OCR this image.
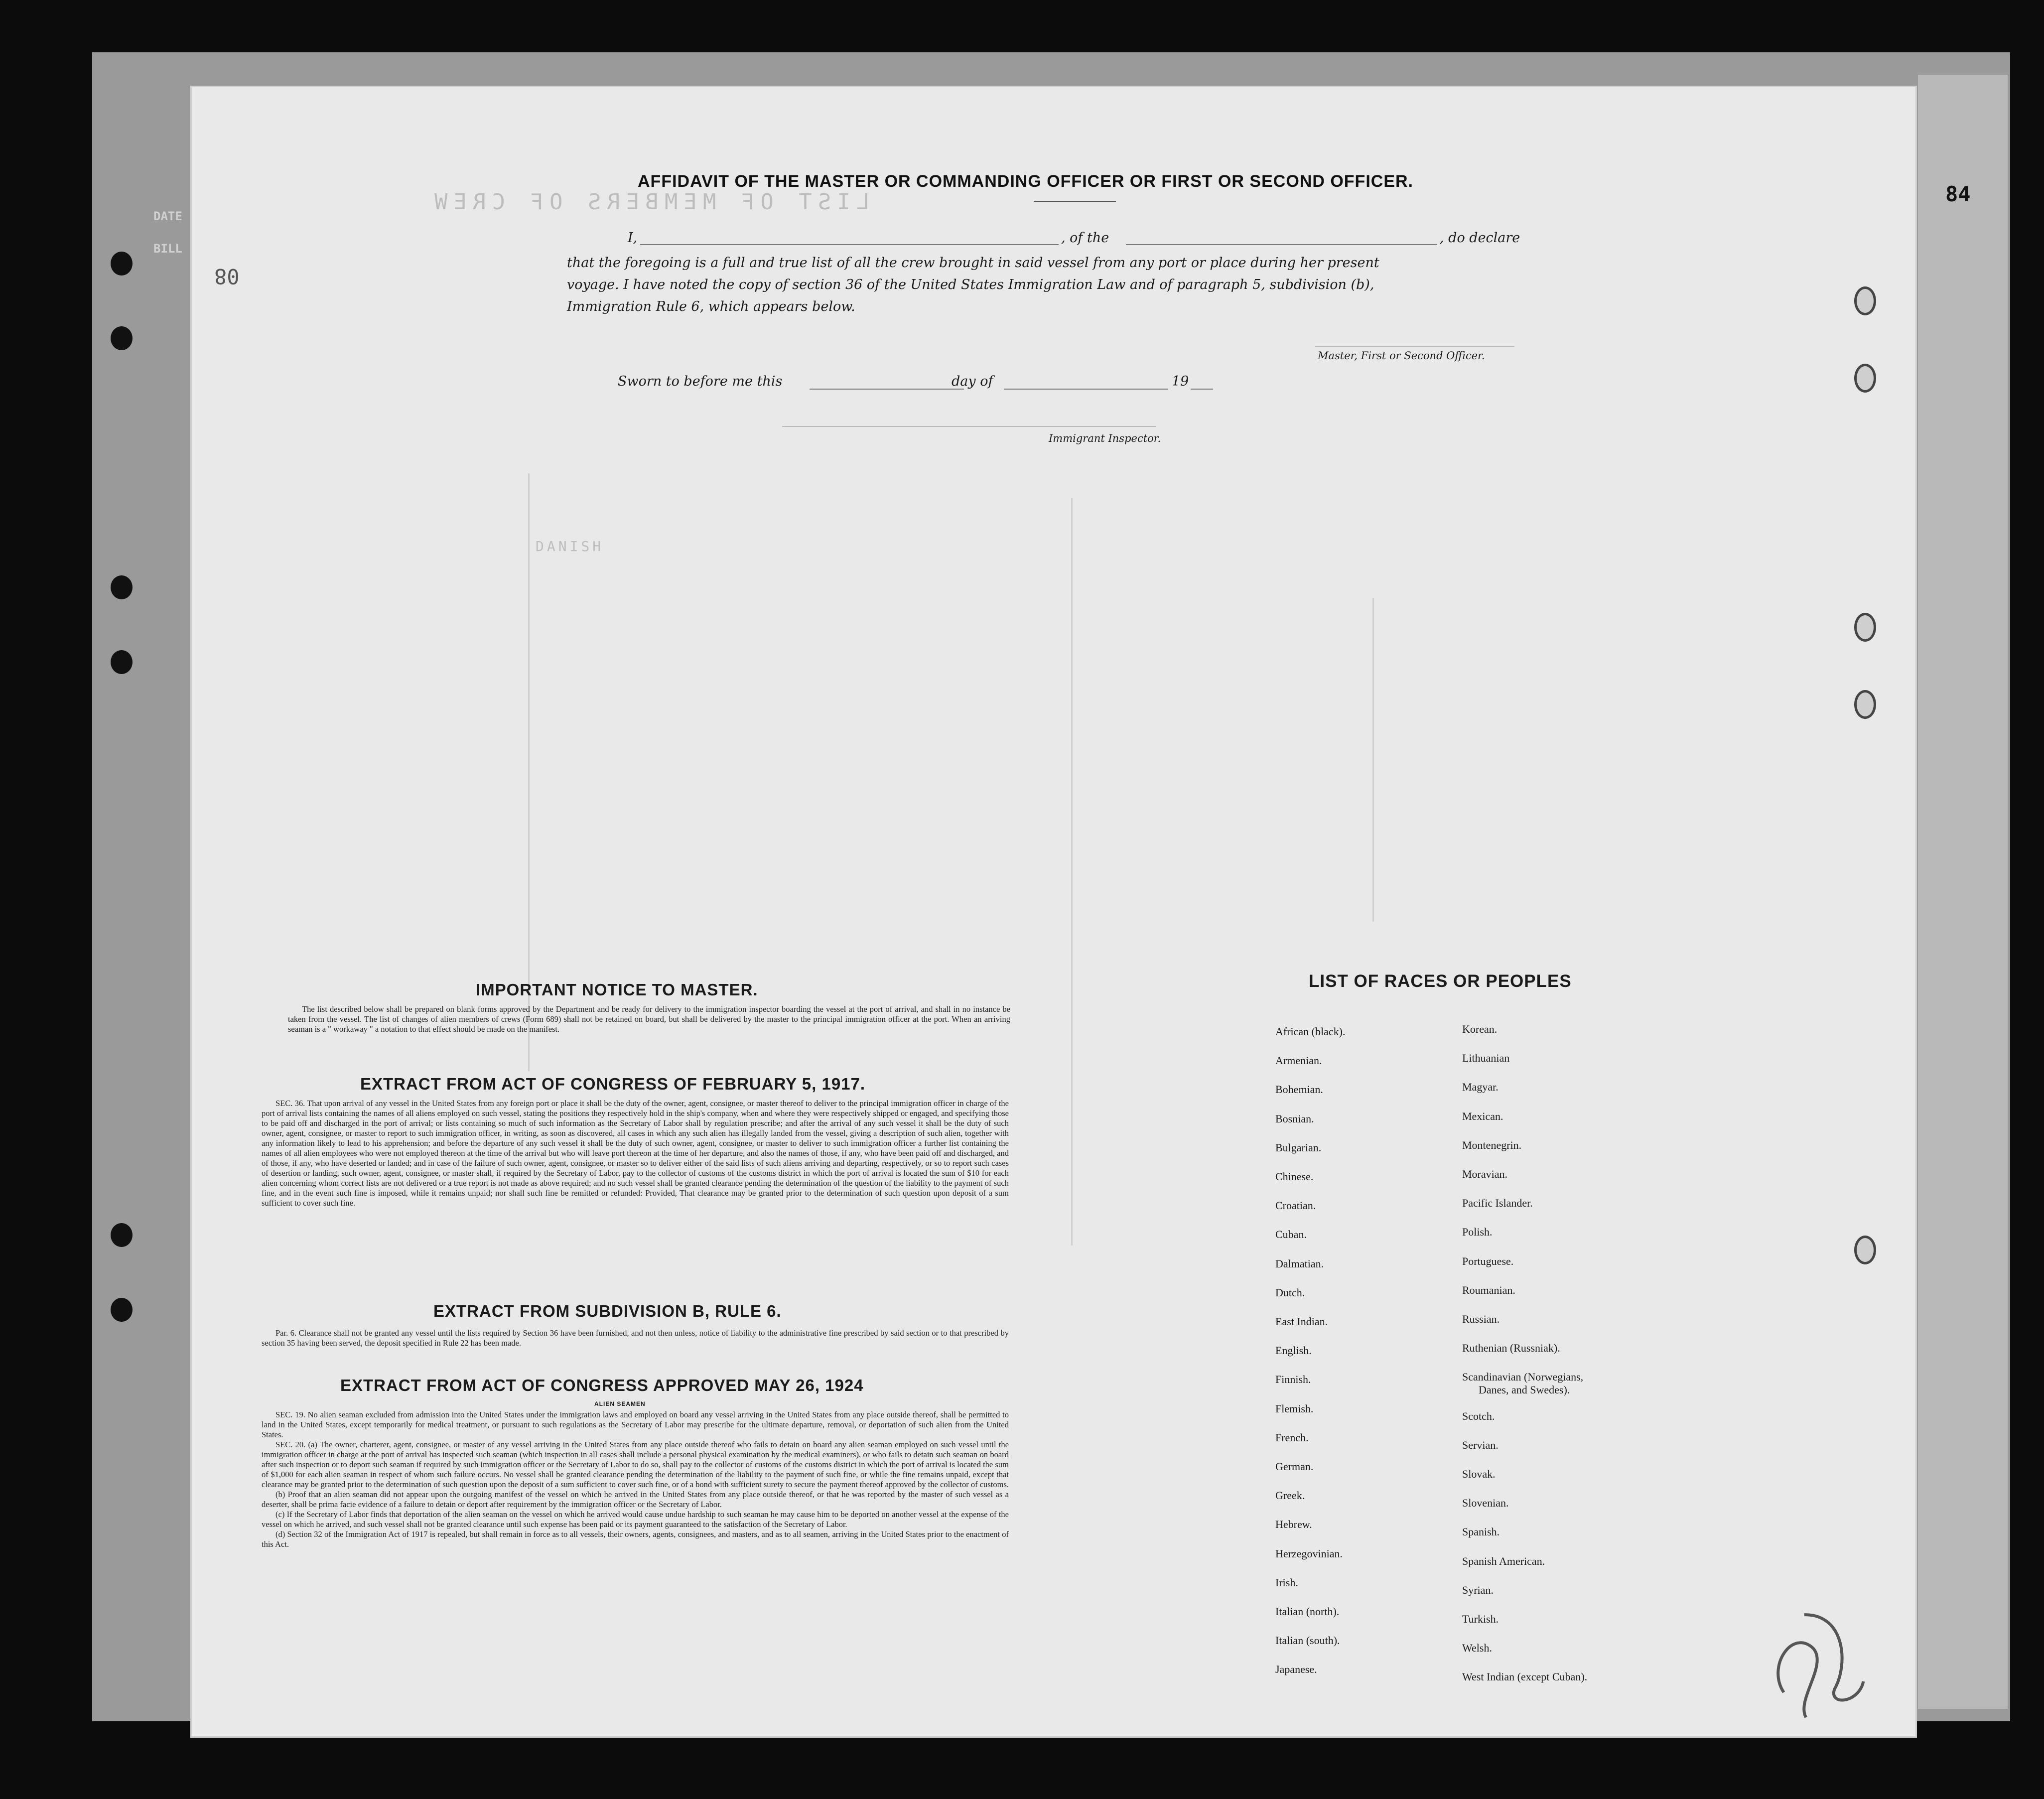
DATE
BILL
LIST OF MEMBERS OF CREW
DANISH
84
08
AFFIDAVIT OF THE MASTER OR COMMANDING OFFICER OR FIRST OR SECOND OFFICER.
I,	, of the	, do declare
that the foregoing is a full and true list of all the crew brought in said vessel from any port or place during her present
voyage. I have noted the copy of section 36 of the United States Immigration Law and of paragraph 5, subdivision (b),
Immigration Rule 6, which appears below.
Master, First or Second Officer.
Sworn to before me this	day of	19
Immigrant Inspector.
IMPORTANT NOTICE TO MASTER.

The list described below shall be prepared on blank forms approved by the Department and be ready for delivery to the immigration inspector boarding the vessel at the port of arrival, and shall in no instance be taken from the vessel. The list of changes of alien members of crews (Form 689) shall not be retained on board, but shall be delivered by the master to the principal immigration officer at the port. When an arriving seaman is a " workaway " a notation to that effect should be made on the manifest.

EXTRACT FROM ACT OF CONGRESS OF FEBRUARY 5, 1917.

SEC. 36. That upon arrival of any vessel in the United States from any foreign port or place it shall be the duty of the owner, agent, consignee, or master thereof to deliver to the principal immigration officer in charge of the port of arrival lists containing the names of all aliens employed on such vessel, stating the positions they respectively hold in the ship's company, when and where they were respectively shipped or engaged, and specifying those to be paid off and discharged in the port of arrival; or lists containing so much of such information as the Secretary of Labor shall by regulation prescribe; and after the arrival of any such vessel it shall be the duty of such owner, agent, consignee, or master to report to such immigration officer, in writing, as soon as discovered, all cases in which any such alien has illegally landed from the vessel, giving a description of such alien, together with any information likely to lead to his apprehension; and before the departure of any such vessel it shall be the duty of such owner, agent, consignee, or master to deliver to such immigration officer a further list containing the names of all alien employees who were not employed thereon at the time of the arrival but who will leave port thereon at the time of her departure, and also the names of those, if any, who have been paid off and discharged, and of those, if any, who have deserted or landed; and in case of the failure of such owner, agent, consignee, or master so to deliver either of the said lists of such aliens arriving and departing, respectively, or so to report such cases of desertion or landing, such owner, agent, consignee, or master shall, if required by the Secretary of Labor, pay to the collector of customs of the customs district in which the port of arrival is located the sum of $10 for each alien concerning whom correct lists are not delivered or a true report is not made as above required; and no such vessel shall be granted clearance pending the determination of the question of the liability to the payment of such fine, and in the event such fine is imposed, while it remains unpaid; nor shall such fine be remitted or refunded: Provided, That clearance may be granted prior to the determination of such question upon deposit of a sum sufficient to cover such fine.

EXTRACT FROM SUBDIVISION B, RULE 6.

Par. 6. Clearance shall not be granted any vessel until the lists required by Section 36 have been furnished, and not then unless, notice of liability to the administrative fine prescribed by said section or to that prescribed by section 35 having been served, the deposit specified in Rule 22 has been made.

EXTRACT FROM ACT OF CONGRESS APPROVED MAY 26, 1924
ALIEN SEAMEN

SEC. 19. No alien seaman excluded from admission into the United States under the immigration laws and employed on board any vessel arriving in the United States from any place outside thereof, shall be permitted to land in the United States, except temporarily for medical treatment, or pursuant to such regulations as the Secretary of Labor may prescribe for the ultimate departure, removal, or deportation of such alien from the United States.

SEC. 20. (a) The owner, charterer, agent, consignee, or master of any vessel arriving in the United States from any place outside thereof who fails to detain on board any alien seaman employed on such vessel until the immigration officer in charge at the port of arrival has inspected such seaman (which inspection in all cases shall include a personal physical examination by the medical examiners), or who fails to detain such seaman on board after such inspection or to deport such seaman if required by such immigration officer or the Secretary of Labor to do so, shall pay to the collector of customs of the customs district in which the port of arrival is located the sum of $1,000 for each alien seaman in respect of whom such failure occurs. No vessel shall be granted clearance pending the determination of the liability to the payment of such fine, or while the fine remains unpaid, except that clearance may be granted prior to the determination of such question upon the deposit of a sum sufficient to cover such fine, or of a bond with sufficient surety to secure the payment thereof approved by the collector of customs.

(b) Proof that an alien seaman did not appear upon the outgoing manifest of the vessel on which he arrived in the United States from any place outside thereof, or that he was reported by the master of such vessel as a deserter, shall be prima facie evidence of a failure to detain or deport after requirement by the immigration officer or the Secretary of Labor.

(c) If the Secretary of Labor finds that deportation of the alien seaman on the vessel on which he arrived would cause undue hardship to such seaman he may cause him to be deported on another vessel at the expense of the vessel on which he arrived, and such vessel shall not be granted clearance until such expense has been paid or its payment guaranteed to the satisfaction of the Secretary of Labor.

(d) Section 32 of the Immigration Act of 1917 is repealed, but shall remain in force as to all vessels, their owners, agents, consignees, and masters, and as to all seamen, arriving in the United States prior to the enactment of this Act.

LIST OF RACES OR PEOPLES
African (black).
Armenian.
Bohemian.
Bosnian.
Bulgarian.
Chinese.
Croatian.
Cuban.
Dalmatian.
Dutch.
East Indian.
English.
Finnish.
Flemish.
French.
German.
Greek.
Hebrew.
Herzegovinian.
Irish.
Italian (north).
Italian (south).
Japanese.
Korean.
Lithuanian
Magyar.
Mexican.
Montenegrin.
Moravian.
Pacific Islander.
Polish.
Portuguese.
Roumanian.
Russian.
Ruthenian (Russniak).
Scandinavian (Norwegians,
Scotch.
Servian.
Slovak.
Slovenian.
Spanish.
Spanish American.
Syrian.
Turkish.
Welsh.
West Indian (except Cuban).
Danes, and Swedes).
